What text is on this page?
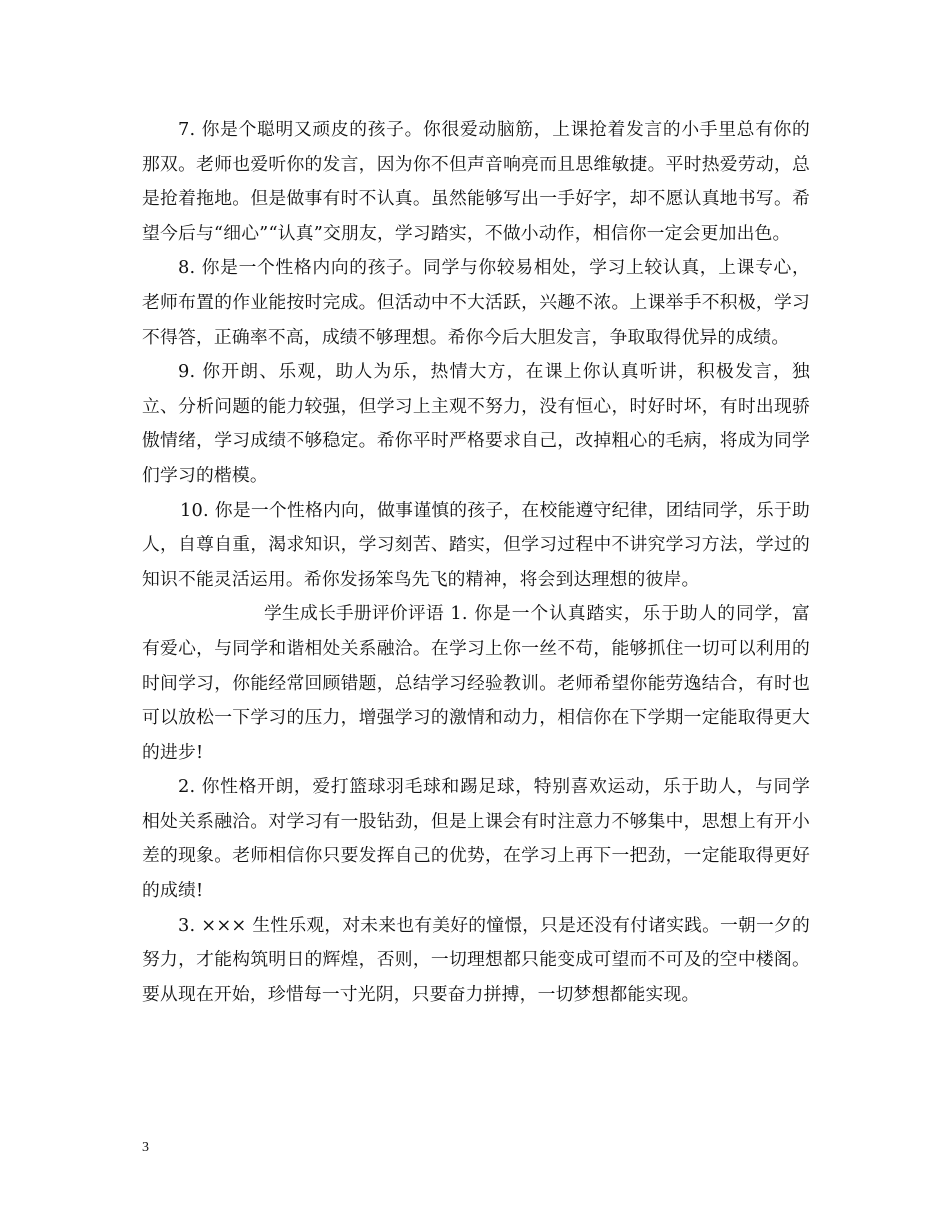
7. 你是个聪明又顽皮的孩子。你很爱动脑筋，上课抢着发言的小手里总有你的那双。老师也爱听你的发言，因为你不但声音响亮而且思维敏捷。平时热爱劳动，总是抢着拖地。但是做事有时不认真。虽然能够写出一手好字，却不愿认真地书写。希望今后与“细心”“认真”交朋友，学习踏实，不做小动作，相信你一定会更加出色。

8. 你是一个性格内向的孩子。同学与你较易相处，学习上较认真，上课专心，老师布置的作业能按时完成。但活动中不大活跃，兴趣不浓。上课举手不积极，学习不得答，正确率不高，成绩不够理想。希你今后大胆发言，争取取得优异的成绩。

9. 你开朗、乐观，助人为乐，热情大方，在课上你认真听讲，积极发言，独立、分析问题的能力较强，但学习上主观不努力，没有恒心，时好时坏，有时出现骄傲情绪，学习成绩不够稳定。希你平时严格要求自己，改掉粗心的毛病，将成为同学们学习的楷模。

10. 你是一个性格内向，做事谨慎的孩子，在校能遵守纪律，团结同学，乐于助人，自尊自重，渴求知识，学习刻苦、踏实，但学习过程中不讲究学习方法，学过的知识不能灵活运用。希你发扬笨鸟先飞的精神，将会到达理想的彼岸。

学生成长手册评价评语 1. 你是一个认真踏实，乐于助人的同学，富有爱心，与同学和谐相处关系融洽。在学习上你一丝不苟，能够抓住一切可以利用的时间学习，你能经常回顾错题，总结学习经验教训。老师希望你能劳逸结合，有时也可以放松一下学习的压力，增强学习的激情和动力，相信你在下学期一定能取得更大的进步!

2. 你性格开朗，爱打篮球羽毛球和踢足球，特别喜欢运动，乐于助人，与同学相处关系融洽。对学习有一股钻劲，但是上课会有时注意力不够集中，思想上有开小差的现象。老师相信你只要发挥自己的优势，在学习上再下一把劲，一定能取得更好的成绩!

3. ××× 生性乐观，对未来也有美好的憧憬，只是还没有付诸实践。一朝一夕的努力，才能构筑明日的辉煌，否则，一切理想都只能变成可望而不可及的空中楼阁。要从现在开始，珍惜每一寸光阴，只要奋力拼搏，一切梦想都能实现。

3
